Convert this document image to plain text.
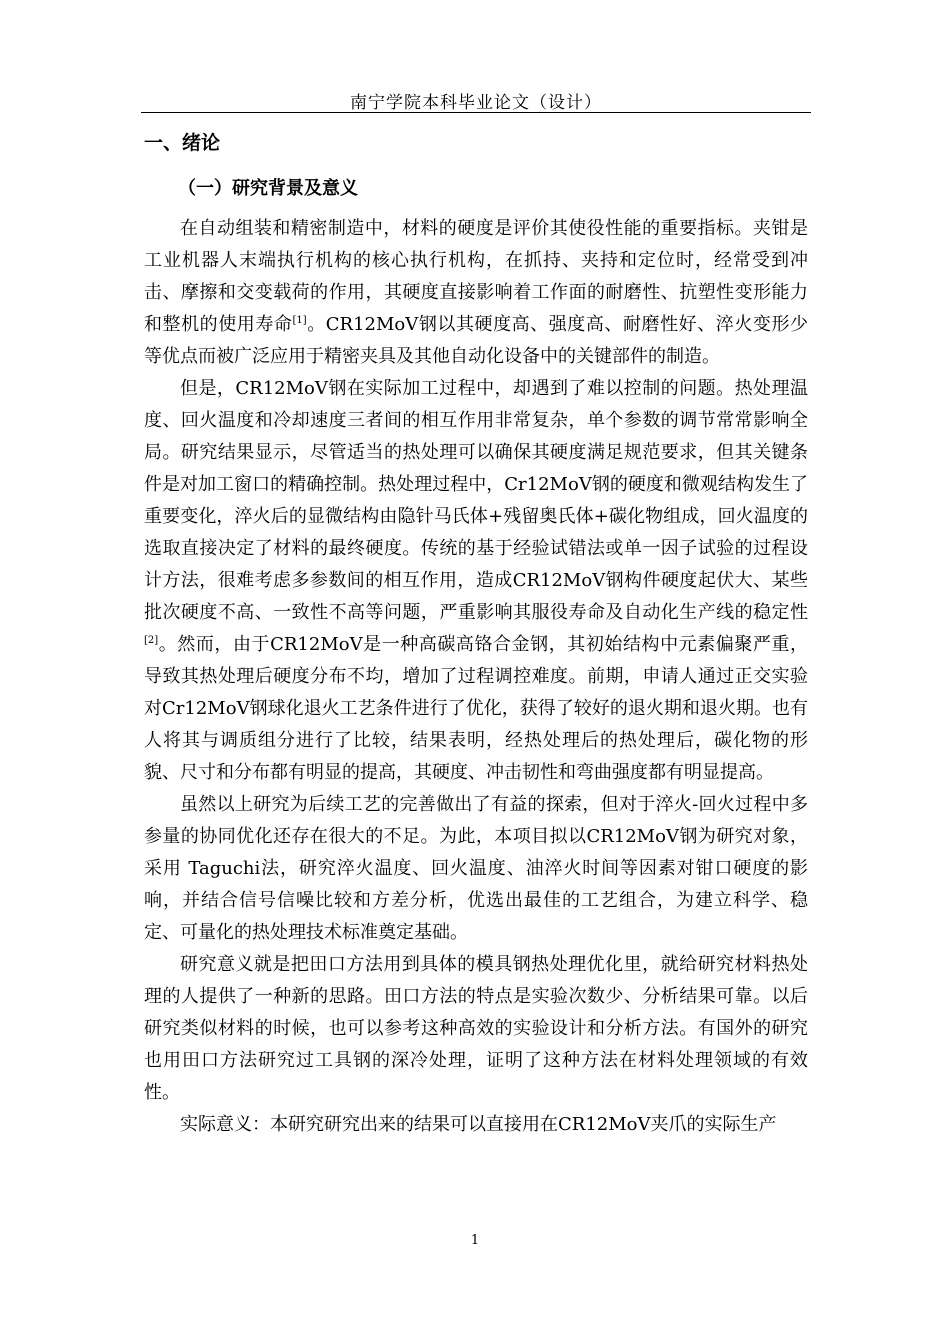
南宁学院本科毕业论文（设计）
一、绪论
（一）研究背景及意义

在自动组装和精密制造中，材料的硬度是评价其使役性能的重要指标。夹钳是工业机器人末端执行机构的核心执行机构，在抓持、夹持和定位时，经常受到冲击、摩擦和交变载荷的作用，其硬度直接影响着工作面的耐磨性、抗塑性变形能力和整机的使用寿命[1]。CR12MoV钢以其硬度高、强度高、耐磨性好、淬火变形少等优点而被广泛应用于精密夹具及其他自动化设备中的关键部件的制造。

但是，CR12MoV钢在实际加工过程中，却遇到了难以控制的问题。热处理温度、回火温度和冷却速度三者间的相互作用非常复杂，单个参数的调节常常影响全局。研究结果显示，尽管适当的热处理可以确保其硬度满足规范要求，但其关键条件是对加工窗口的精确控制。热处理过程中，Cr12MoV钢的硬度和微观结构发生了重要变化，淬火后的显微结构由隐针马氏体+残留奥氏体+碳化物组成，回火温度的选取直接决定了材料的最终硬度。传统的基于经验试错法或单一因子试验的过程设计方法，很难考虑多参数间的相互作用，造成CR12MoV钢构件硬度起伏大、某些批次硬度不高、一致性不高等问题，严重影响其服役寿命及自动化生产线的稳定性[2]。然而，由于CR12MoV是一种高碳高铬合金钢，其初始结构中元素偏聚严重，导致其热处理后硬度分布不均，增加了过程调控难度。前期，申请人通过正交实验对Cr12MoV钢球化退火工艺条件进行了优化，获得了较好的退火期和退火期。也有人将其与调质组分进行了比较，结果表明，经热处理后的热处理后，碳化物的形貌、尺寸和分布都有明显的提高，其硬度、冲击韧性和弯曲强度都有明显提高。

虽然以上研究为后续工艺的完善做出了有益的探索，但对于淬火-回火过程中多参量的协同优化还存在很大的不足。为此，本项目拟以CR12MoV钢为研究对象，采用 Taguchi法，研究淬火温度、回火温度、油淬火时间等因素对钳口硬度的影响，并结合信号信噪比较和方差分析，优选出最佳的工艺组合，为建立科学、稳定、可量化的热处理技术标准奠定基础。

研究意义就是把田口方法用到具体的模具钢热处理优化里，就给研究材料热处理的人提供了一种新的思路。田口方法的特点是实验次数少、分析结果可靠。以后研究类似材料的时候，也可以参考这种高效的实验设计和分析方法。有国外的研究也用田口方法研究过工具钢的深冷处理，证明了这种方法在材料处理领域的有效性。

实际意义：本研究研究出来的结果可以直接用在CR12MoV夹爪的实际生产

1
